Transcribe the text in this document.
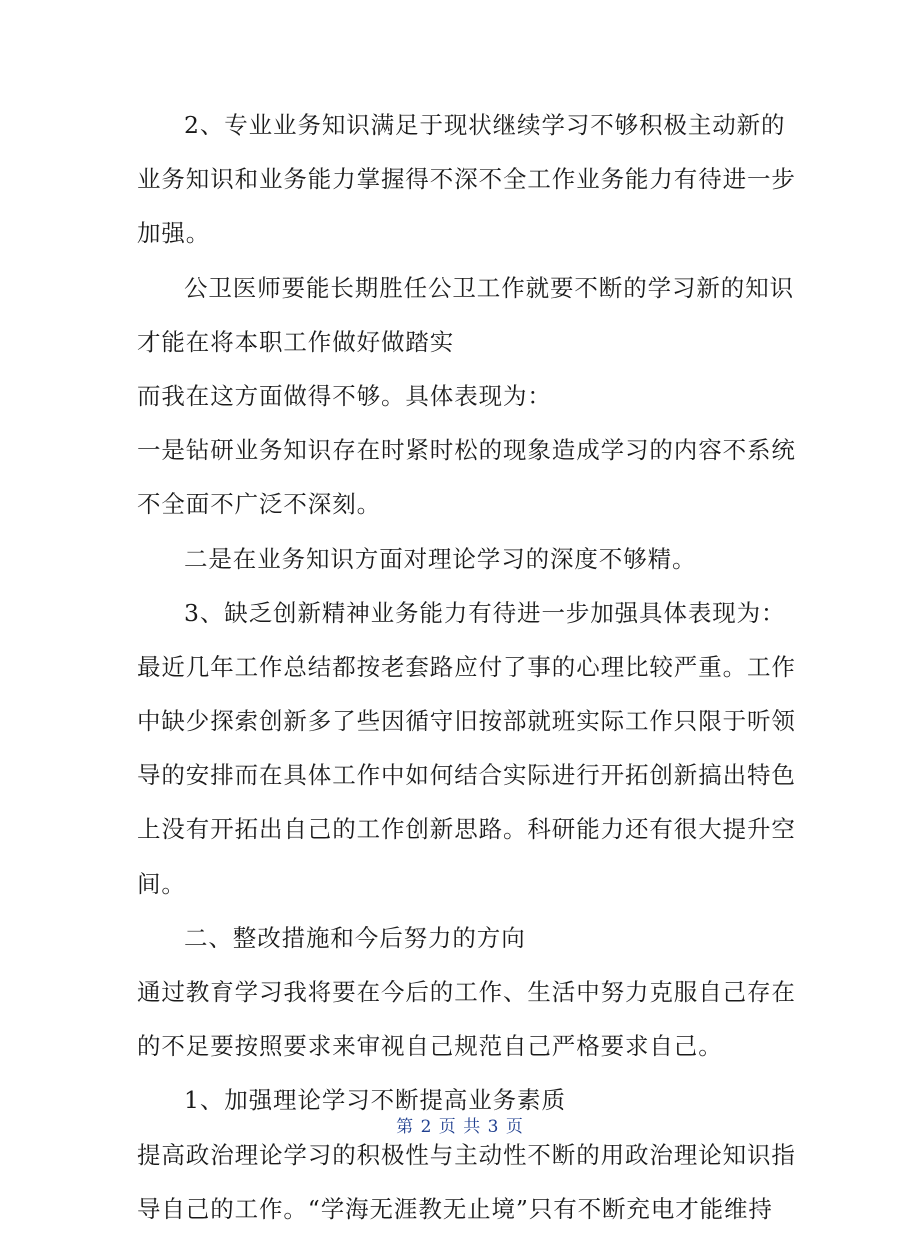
2、专业业务知识满足于现状继续学习不够积极主动新的
业务知识和业务能力掌握得不深不全工作业务能力有待进一步
加强。
公卫医师要能长期胜任公卫工作就要不断的学习新的知识
才能在将本职工作做好做踏实
而我在这方面做得不够。具体表现为：
一是钻研业务知识存在时紧时松的现象造成学习的内容不系统
不全面不广泛不深刻。
二是在业务知识方面对理论学习的深度不够精。
3、缺乏创新精神业务能力有待进一步加强具体表现为：
最近几年工作总结都按老套路应付了事的心理比较严重。工作
中缺少探索创新多了些因循守旧按部就班实际工作只限于听领
导的安排而在具体工作中如何结合实际进行开拓创新搞出特色
上没有开拓出自己的工作创新思路。科研能力还有很大提升空
间。
二、整改措施和今后努力的方向
通过教育学习我将要在今后的工作、生活中努力克服自己存在
的不足要按照要求来审视自己规范自己严格要求自己。
1、加强理论学习不断提高业务素质
提高政治理论学习的积极性与主动性不断的用政治理论知识指
导自己的工作。“学海无涯教无止境”只有不断充电才能维持
第 2 页 共 3 页
